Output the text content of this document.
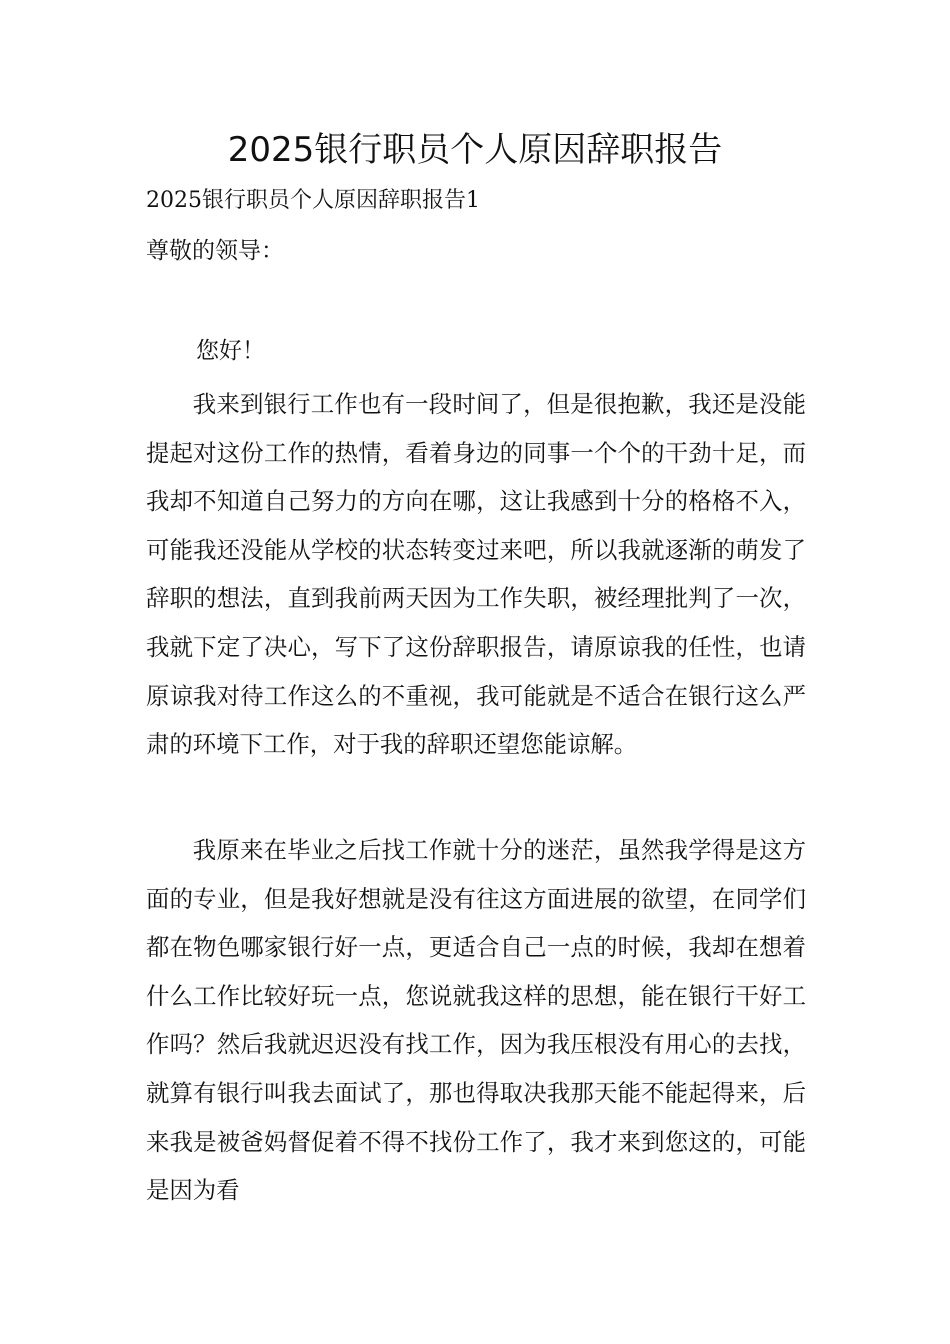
2025银行职员个人原因辞职报告

2025银行职员个人原因辞职报告1

尊敬的领导：

您好！

我来到银行工作也有一段时间了，但是很抱歉，我还是没能提起对这份工作的热情，看着身边的同事一个个的干劲十足，而我却不知道自己努力的方向在哪，这让我感到十分的格格不入，可能我还没能从学校的状态转变过来吧，所以我就逐渐的萌发了辞职的想法，直到我前两天因为工作失职，被经理批判了一次，我就下定了决心，写下了这份辞职报告，请原谅我的任性，也请原谅我对待工作这么的不重视，我可能就是不适合在银行这么严肃的环境下工作，对于我的辞职还望您能谅解。

我原来在毕业之后找工作就十分的迷茫，虽然我学得是这方面的专业，但是我好想就是没有往这方面进展的欲望，在同学们都在物色哪家银行好一点，更适合自己一点的时候，我却在想着什么工作比较好玩一点，您说就我这样的思想，能在银行干好工作吗？然后我就迟迟没有找工作，因为我压根没有用心的去找，就算有银行叫我去面试了，那也得取决我那天能不能起得来，后来我是被爸妈督促着不得不找份工作了，我才来到您这的，可能是因为看
